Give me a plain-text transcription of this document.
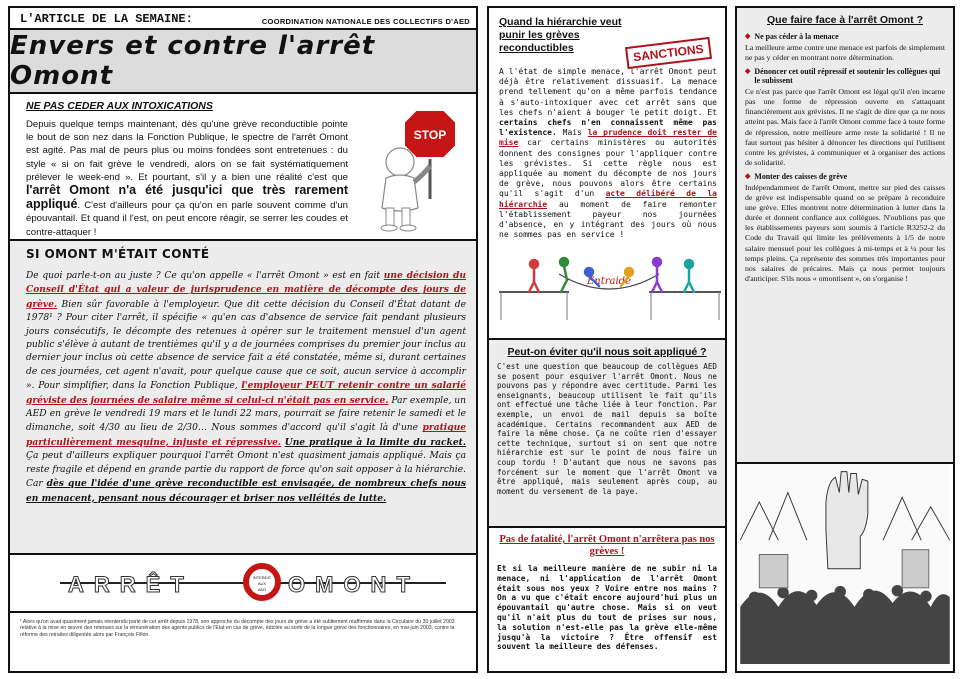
L'ARTICLE DE LA SEMAINE:	COORDINATION NATIONALE DES COLLECTIFS D'AED
Envers et contre l'arrêt Omont
NE PAS CEDER AUX INTOXICATIONS

Depuis quelque temps maintenant, dès qu'une grève reconductible pointe le bout de son nez dans la Fonction Publique, le spectre de l'arrêt Omont est agité. Pas mal de peurs plus ou moins fondées sont entretenues : du style « si on fait grève le vendredi, alors on se fait systématiquement prélever le week-end ». Et pourtant, s'il y a bien une réalité c'est que l'arrêt Omont n'a été jusqu'ici que très rarement appliqué. C'est d'ailleurs pour ça qu'on en parle souvent comme d'un épouvantail. Et quand il l'est, on peut encore réagir, se serrer les coudes et contre-attaquer !

STOP
SI OMONT M'ÉTAIT CONTÉ

De quoi parle-t-on au juste ? Ce qu'on appelle « l'arrêt Omont » est en fait une décision du Conseil d'État qui a valeur de jurisprudence en matière de décompte des jours de grève. Bien sûr favorable à l'employeur. Que dit cette décision du Conseil d'État datant de 1978¹ ? Pour citer l'arrêt, il spécifie « qu'en cas d'absence de service fait pendant plusieurs jours consécutifs, le décompte des retenues à opérer sur le traitement mensuel d'un agent public s'élève à autant de trentièmes qu'il y a de journées comprises du premier jour inclus au dernier jour inclus où cette absence de service fait a été constatée, même si, durant certaines de ces journées, cet agent n'avait, pour quelque cause que ce soit, aucun service à accomplir ». Pour simplifier, dans la Fonction Publique, l'employeur PEUT retenir contre un salarié gréviste des journées de salaire même si celui-ci n'était pas en service. Par exemple, un AED en grève le vendredi 19 mars et le lundi 22 mars, pourrait se faire retenir le samedi et le dimanche, soit 4/30 au lieu de 2/30… Nous sommes d'accord qu'il s'agit là d'une pratique particulièrement mesquine, injuste et répressive. Une pratique à la limite du racket. Ça peut d'ailleurs expliquer pourquoi l'arrêt Omont n'est quasiment jamais appliqué. Mais ça reste fragile et dépend en grande partie du rapport de force qu'on sait opposer à la hiérarchie. Car dès que l'idée d'une grève reconductible est envisagée, de nombreux chefs nous en menacent, pensant nous décourager et briser nos velléités de lutte.

ARRÊT	INTERDIT
AUX
AED OMONT
¹ Alors qu'on avait quasiment jamais réentendu parlé de cet arrêt depuis 1978, son approche du décompte des jours de grève a été subitement réaffirmée dans la Circulaire du 30 juillet 2003 relative à la mise en œuvre des retenues sur la rémunération des agents publics de l'Etat en cas de grève, édictée au sortir de la longue grève des fonctionnaires, en mai-juin 2003, contre la réforme des retraites diligentée alors par François Fillon.
Quand la hiérarchie veut punir les grèves reconductibles	SANCTIONS

A l'état de simple menace, l'arrêt Omont peut déjà être relativement dissuasif. La menace prend tellement qu'on a même parfois tendance à s'auto-intoxiquer avec cet arrêt sans que les chefs n'aient à bouger le petit doigt. Et certains chefs n'en connaissent même pas l'existence. Mais la prudence doit rester de mise car certains ministères ou autorités donnent des consignes pour l'appliquer contre les grévistes. Si cette règle nous est appliquée au moment du décompte de nos jours de grève, nous pouvons alors être certains qu'il s'agit d'un acte délibéré de la hiérarchie au moment de faire remonter l'établissement payeur nos journées d'absence, en y intégrant des jours où nous ne sommes pas en service !

Entraide
Peut-on éviter qu'il nous soit appliqué ?

C'est une question que beaucoup de collègues AED se posent pour esquiver l'arrêt Omont. Nous ne pouvons pas y répondre avec certitude. Parmi les enseignants, beaucoup utilisent le fait qu'ils ont effectué une tâche liée à leur fonction. Par exemple, un envoi de mail depuis sa boîte académique. Certains recommandent aux AED de faire la même chose. Ça ne coûte rien d'essayer cette technique, surtout si on sent que notre hiérarchie est sur le point de nous faire un coup tordu ! D'autant que nous ne savons pas forcément sur le moment que l'arrêt Omont va être appliqué, mais seulement après coup, au moment du versement de la paye.

Pas de fatalité, l'arrêt Omont n'arrêtera pas nos grèves !

Et si la meilleure manière de ne subir ni la menace, ni l'application de l'arrêt Omont était sous nos yeux ? Voire entre nos mains ? On a vu que c'était encore aujourd'hui plus un épouvantail qu'autre chose. Mais si on veut qu'il n'ait plus du tout de prises sur nous, la solution n'est-elle pas la grève elle-même jusqu'à la victoire ? Être offensif est souvent la meilleure des défenses.

Que faire face à l'arrêt Omont ?
◆ Ne pas céder à la menace

La meilleure arme contre une menace est parfois de simplement ne pas y céder en montrant notre détermination.

◆ Dénoncer cet outil répressif et soutenir les collègues qui le subissent

Ce n'est pas parce que l'arrêt Omont est légal qu'il n'en incarne pas une forme de répression ouverte en s'attaquant financièrement aux grévistes. Il ne s'agit de dire que ça ne nous atteint pas. Mais face à l'arrêt Omont comme face à toute forme de répression, notre meilleure arme reste la solidarité ! Il ne faut surtout pas hésiter à dénoncer les directions qui l'utilisent contre les grévistes, à communiquer et à organiser des actions de solidarité.

◆ Monter des caisses de grève

Indépendamment de l'arrêt Omont, mettre sur pied des caisses de grève est indispensable quand on se prépare à reconduire une grève. Elles montrent notre détermination à lutter dans la durée et donnent confiance aux collègues. N'oublions pas que les établissements payeurs sont soumis à l'article R3252-2 du Code du Travail qui limite les prélèvements à 1/5 de notre salaire mensuel pour les collègues à mi-temps et à ¼ pour les temps pleins. Ça représente des sommes très importantes pour nos salaires de précaires. Mais ça nous permet toujours d'anticiper. S'ils nous « omontisent », on s'organise !
